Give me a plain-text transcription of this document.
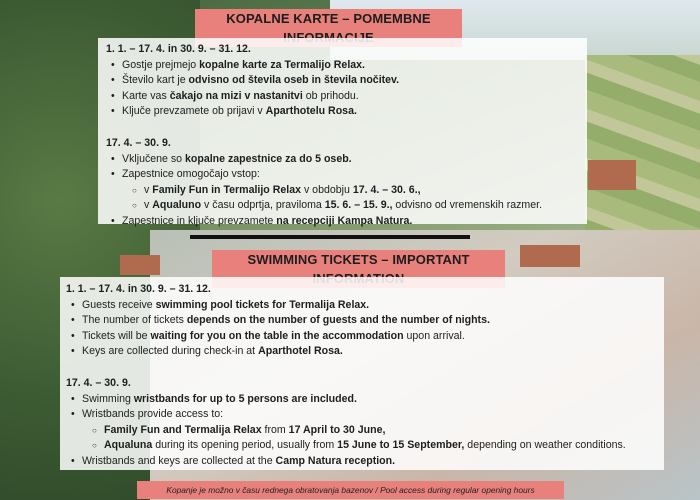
KOPALNE KARTE – POMEMBNE

1. 1. – 17. 4. in 30. 9. – 31. 12.

• Gostje prejmejo kopalne karte za Termalijo Relax.
• Število kart je odvisno od števila oseb in števila nočitev.
• Karte vas čakajo na mizi v nastanitvi ob prihodu.
• Ključe prevzamete ob prijavi v Aparthotelu Rosa.

17. 4. – 30. 9.

• Vključene so kopalne zapestnice za do 5 oseb.
• Zapestnice omogočajo vstop:
○ v Family Fun in Termalijo Relax v obdobju 17. 4. – 30. 6.,
○ v Aqualuno v času odprtja, praviloma 15. 6. – 15. 9., odvisno od vremenskih razmer.
• Zapestnice in ključe prevzamete na recepciji Kampa Natura.
SWIMMING TICKETS – IMPORTANT

1. 1. – 17. 4. in 30. 9. – 31. 12.

• Guests receive swimming pool tickets for Termalija Relax.
• The number of tickets depends on the number of guests and the number of nights.
• Tickets will be waiting for you on the table in the accommodation upon arrival.
• Keys are collected during check-in at Aparthotel Rosa.

17. 4. – 30. 9.

• Swimming wristbands for up to 5 persons are included.
• Wristbands provide access to:
○ Family Fun and Termalija Relax from 17 April to 30 June,
○ Aqualuna during its opening period, usually from 15 June to 15 September, depending on weather conditions.
• Wristbands and keys are collected at the Camp Natura reception.
Kopanje je možno v času rednega obratovanja bazenov / Pool access during regular opening hours
